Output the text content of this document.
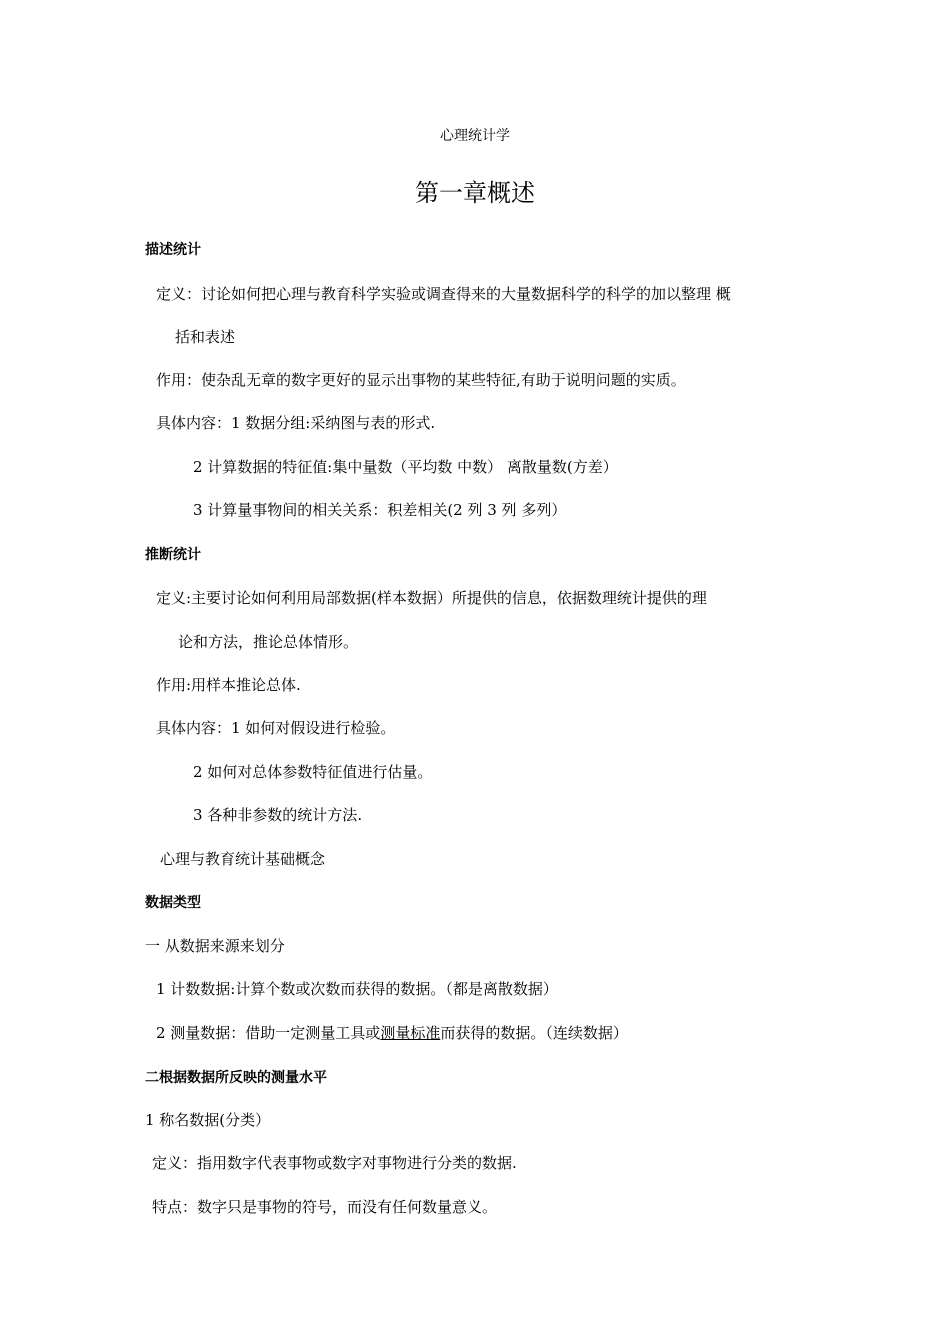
心理统计学
第一章概述
描述统计
定义：讨论如何把心理与教育科学实验或调查得来的大量数据科学的科学的加以整理 概
括和表述
作用：使杂乱无章的数字更好的显示出事物的某些特征,有助于说明问题的实质。
具体内容：1 数据分组:采纳图与表的形式.
2 计算数据的特征值:集中量数（平均数 中数） 离散量数(方差）
3 计算量事物间的相关关系：积差相关(2 列 3 列 多列）
推断统计
定义:主要讨论如何利用局部数据(样本数据）所提供的信息，依据数理统计提供的理
论和方法，推论总体情形。
作用:用样本推论总体.
具体内容：1 如何对假设进行检验。
2 如何对总体参数特征值进行估量。
3 各种非参数的统计方法.
心理与教育统计基础概念
数据类型
一 从数据来源来划分
1 计数数据:计算个数或次数而获得的数据。（都是离散数据）
2 测量数据：借助一定测量工具或测量标准而获得的数据。（连续数据）
二根据数据所反映的测量水平
1 称名数据(分类）
定义：指用数字代表事物或数字对事物进行分类的数据.
特点：数字只是事物的符号，而没有任何数量意义。
